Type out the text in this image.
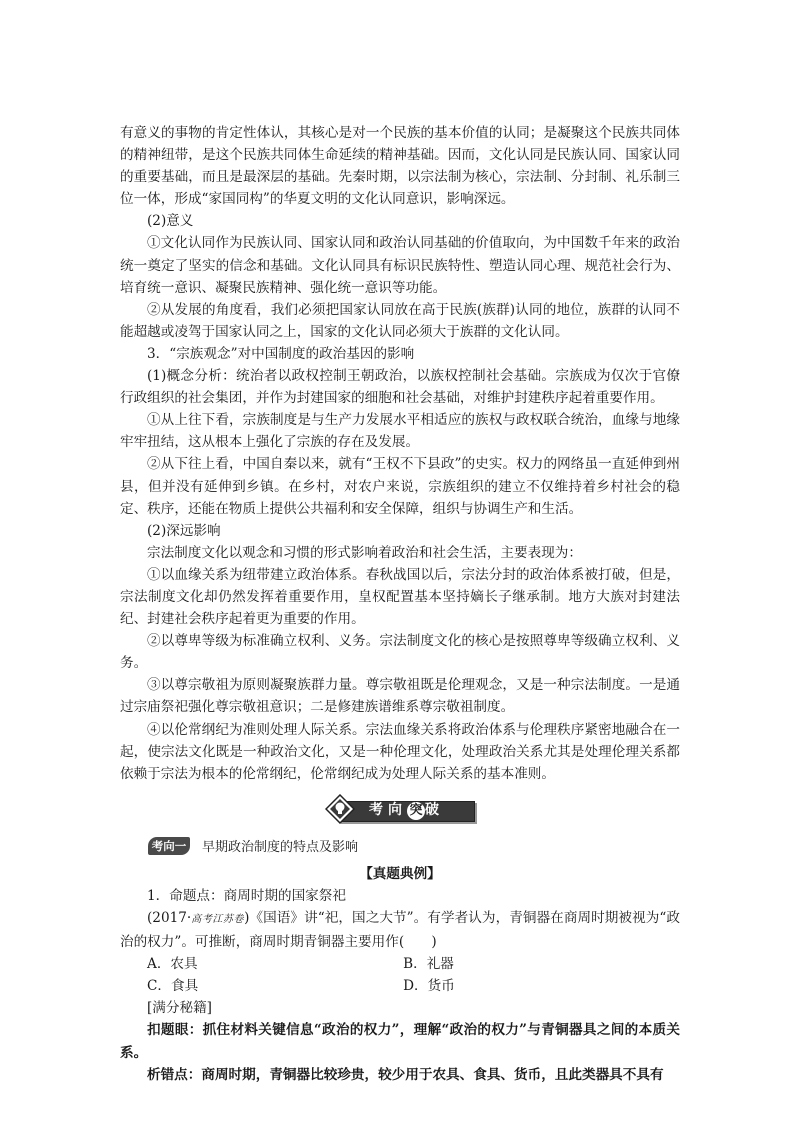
有意义的事物的肯定性体认，其核心是对一个民族的基本价值的认同；是凝聚这个民族共同体的精神纽带，是这个民族共同体生命延续的精神基础。因而，文化认同是民族认同、国家认同的重要基础，而且是最深层的基础。先秦时期，以宗法制为核心，宗法制、分封制、礼乐制三位一体，形成“家国同构”的华夏文明的文化认同意识，影响深远。

(2)意义

①文化认同作为民族认同、国家认同和政治认同基础的价值取向，为中国数千年来的政治统一奠定了坚实的信念和基础。文化认同具有标识民族特性、塑造认同心理、规范社会行为、培育统一意识、凝聚民族精神、强化统一意识等功能。

②从发展的角度看，我们必须把国家认同放在高于民族(族群)认同的地位，族群的认同不能超越或凌驾于国家认同之上，国家的文化认同必须大于族群的文化认同。

3．“宗族观念”对中国制度的政治基因的影响

(1)概念分析：统治者以政权控制王朝政治，以族权控制社会基础。宗族成为仅次于官僚行政组织的社会集团，并作为封建国家的细胞和社会基础，对维护封建秩序起着重要作用。

①从上往下看，宗族制度是与生产力发展水平相适应的族权与政权联合统治，血缘与地缘牢牢扭结，这从根本上强化了宗族的存在及发展。

②从下往上看，中国自秦以来，就有“王权不下县政”的史实。权力的网络虽一直延伸到州县，但并没有延伸到乡镇。在乡村，对农户来说，宗族组织的建立不仅维持着乡村社会的稳定、秩序，还能在物质上提供公共福利和安全保障，组织与协调生产和生活。

(2)深远影响

宗法制度文化以观念和习惯的形式影响着政治和社会生活，主要表现为：

①以血缘关系为纽带建立政治体系。春秋战国以后，宗法分封的政治体系被打破，但是，宗法制度文化却仍然发挥着重要作用，皇权配置基本坚持嫡长子继承制。地方大族对封建法纪、封建社会秩序起着更为重要的作用。

②以尊卑等级为标准确立权利、义务。宗法制度文化的核心是按照尊卑等级确立权利、义务。

③以尊宗敬祖为原则凝聚族群力量。尊宗敬祖既是伦理观念，又是一种宗法制度。一是通过宗庙祭祀强化尊宗敬祖意识；二是修建族谱维系尊宗敬祖制度。

④以伦常纲纪为准则处理人际关系。宗法血缘关系将政治体系与伦理秩序紧密地融合在一起，使宗法文化既是一种政治文化，又是一种伦理文化，处理政治关系尤其是处理伦理关系都依赖于宗法为根本的伦常纲纪，伦常纲纪成为处理人际关系的基本准则。

考向 突 破
考向一 早期政治制度的特点及影响

【真题典例】

1．命题点：商周时期的国家祭祀

(2017·高考江苏卷)《国语》讲“祀，国之大节”。有学者认为，青铜器在商周时期被视为“政治的权力”。可推断，商周时期青铜器主要用作(　　)

A．农具	B．礼器

C．食具	D．货币

[满分秘籍]

扣题眼：抓住材料关键信息“政治的权力”，理解“政治的权力”与青铜器具之间的本质关系。

析错点：商周时期，青铜器比较珍贵，较少用于农具、食具、货币，且此类器具不具有
